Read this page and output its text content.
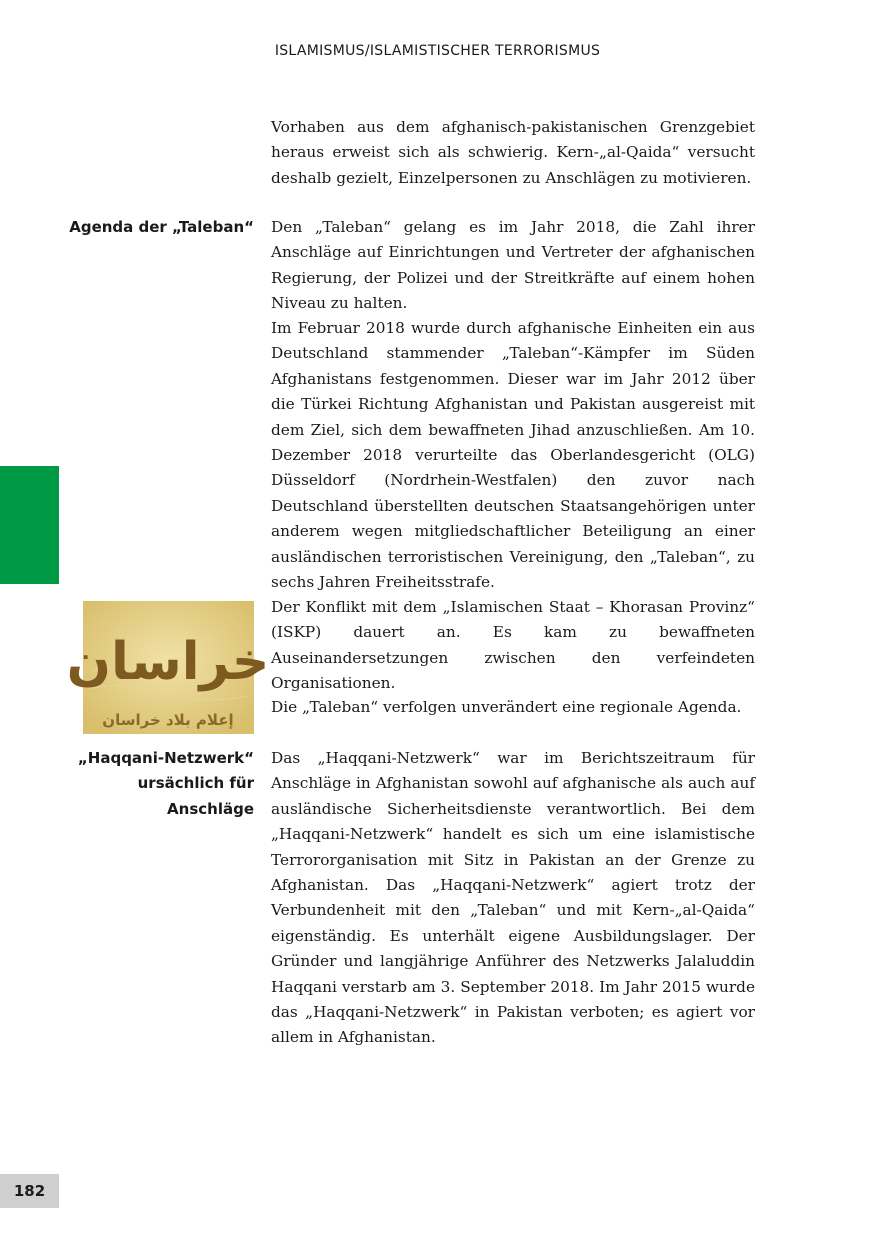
ISLAMISMUS/ISLAMISTISCHER TERRORISMUS

Vorhaben aus dem afghanisch-pakistanischen Grenzgebiet heraus erweist sich als schwierig. Kern-„al-Qaida“ versucht deshalb gezielt, Einzelpersonen zu Anschlägen zu motivieren.

Agenda der „Taleban“ Den „Taleban“ gelang es im Jahr 2018, die Zahl ihrer Anschläge auf Einrichtungen und Vertreter der afghanischen Regierung, der Polizei und der Streitkräfte auf einem hohen Niveau zu halten.

Im Februar 2018 wurde durch afghanische Einheiten ein aus Deutschland stammender „Taleban“-Kämpfer im Süden Afghanistans festgenommen. Dieser war im Jahr 2012 über die Türkei Richtung Afghanistan und Pakistan ausgereist mit dem Ziel, sich dem bewaffneten Jihad anzuschließen. Am 10. Dezember 2018 verurteilte das Oberlandesgericht (OLG) Düsseldorf (Nordrhein-Westfalen) den zuvor nach Deutschland überstellten deutschen Staatsangehörigen unter anderem wegen mitgliedschaftlicher Beteiligung an einer ausländischen terroristischen Vereinigung, den „Taleban“, zu sechs Jahren Freiheitsstrafe.

خراسان
إعلام بلاد خراسان

Der Konflikt mit dem „Islamischen Staat – Khorasan Provinz“ (ISKP) dauert an. Es kam zu bewaffneten Auseinandersetzungen zwischen den verfeindeten Organisationen.

Die „Taleban“ verfolgen unverändert eine regionale Agenda.

„Haqqani-Netzwerk“
ursächlich für
Anschläge

Das „Haqqani-Netzwerk“ war im Berichtszeitraum für Anschläge in Afghanistan sowohl auf afghanische als auch auf ausländische Sicherheitsdienste verantwortlich. Bei dem „Haqqani-Netzwerk“ handelt es sich um eine islamistische Terrororganisation mit Sitz in Pakistan an der Grenze zu Afghanistan. Das „Haqqani-Netzwerk“ agiert trotz der Verbundenheit mit den „Taleban“ und mit Kern-„al-Qaida“ eigenständig. Es unterhält eigene Ausbildungslager. Der Gründer und langjährige Anführer des Netzwerks Jalaluddin Haqqani verstarb am 3. September 2018. Im Jahr 2015 wurde das „Haqqani-Netzwerk“ in Pakistan verboten; es agiert vor allem in Afghanistan.

182
